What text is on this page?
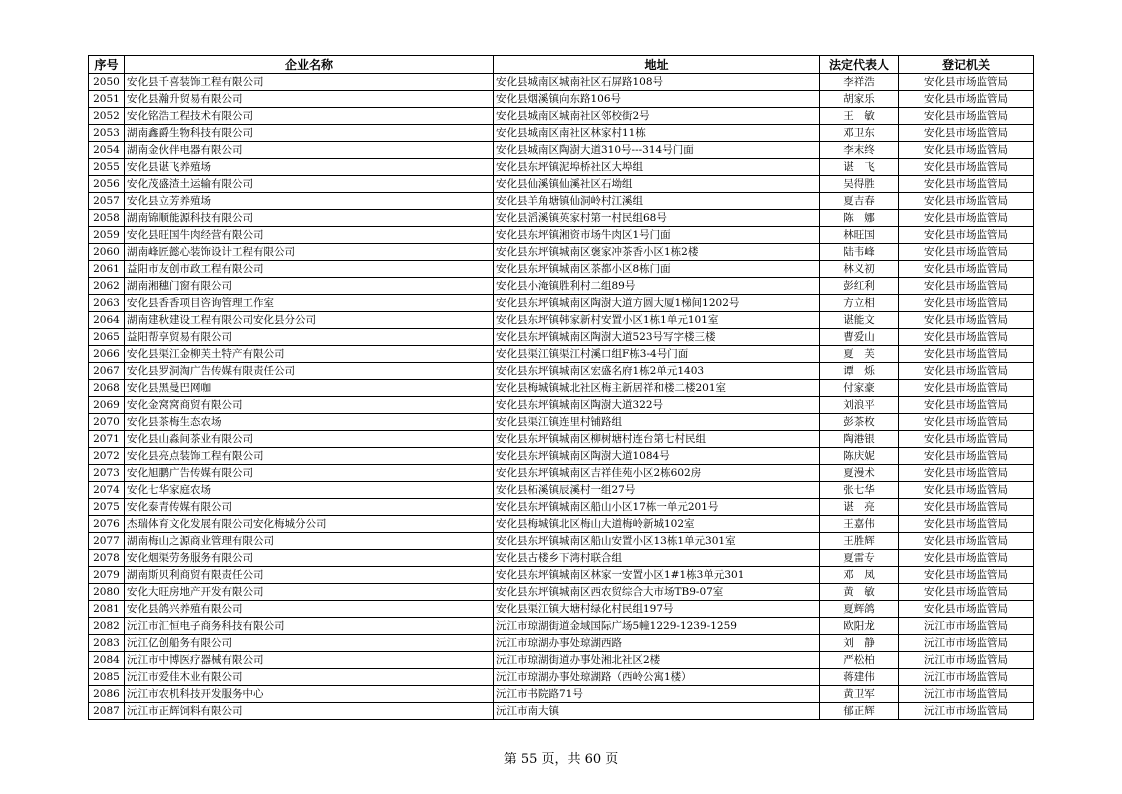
序号	企业名称	地址	法定代表人	登记机关
2050	安化县千喜装饰工程有限公司	安化县城南区城南社区石屏路108号	李祥浩	安化县市场监管局
2051	安化县瀚升贸易有限公司	安化县烟溪镇向东路106号	胡家乐	安化县市场监管局
2052	安化铭浩工程技术有限公司	安化县城南区城南社区邻校街2号	王　敏	安化县市场监管局
2053	湖南鑫爵生物科技有限公司	安化县城南区南社区林家村11栋	邓卫东	安化县市场监管局
2054	湖南金伙伴电器有限公司	安化县城南区陶澍大道310号---314号门面	李末终	安化县市场监管局
2055	安化县谌飞养殖场	安化县东坪镇泥埠桥社区大埠组	谌　飞	安化县市场监管局
2056	安化茂盛渣土运输有限公司	安化县仙溪镇仙溪社区石坳组	吴得胜	安化县市场监管局
2057	安化县立芳养殖场	安化县羊角塘镇仙洞岭村江溪组	夏吉春	安化县市场监管局
2058	湖南锦顺能源科技有限公司	安化县滔溪镇英家村第一村民组68号	陈　娜	安化县市场监管局
2059	安化县旺国牛肉经营有限公司	安化县东坪镇湘资市场牛肉区1号门面	林旺国	安化县市场监管局
2060	湖南峰匠懿心装饰设计工程有限公司	安化县东坪镇城南区褒家冲茶香小区1栋2楼	陆韦峰	安化县市场监管局
2061	益阳市友创市政工程有限公司	安化县东坪镇城南区茶都小区8栋门面	林义初	安化县市场监管局
2062	湖南湘穗门窗有限公司	安化县小淹镇胜利村二组89号	彭红利	安化县市场监管局
2063	安化县香香项目咨询管理工作室	安化县东坪镇城南区陶澍大道方圆大厦1梯间1202号	方立相	安化县市场监管局
2064	湖南建秋建设工程有限公司安化县分公司	安化县东坪镇韩家新村安置小区1栋1单元101室	谌能文	安化县市场监管局
2065	益阳帮享贸易有限公司	安化县东坪镇城南区陶澍大道523号写字楼三楼	曹爱山	安化县市场监管局
2066	安化县渠江金柳芙土特产有限公司	安化县渠江镇渠江村溪口组F栋3-4号门面	夏　芙	安化县市场监管局
2067	安化县罗洞淘广告传媒有限责任公司	安化县东坪镇城南区宏盛名府1栋2单元1403	谭　烁	安化县市场监管局
2068	安化县黑曼巴网咖	安化县梅城镇城北社区梅主新居祥和楼二楼201室	付家豪	安化县市场监管局
2069	安化金窝窝商贸有限公司	安化县东坪镇城南区陶澍大道322号	刘浪平	安化县市场监管局
2070	安化县茶梅生态农场	安化县渠江镇连里村铺路组	彭茶枚	安化县市场监管局
2071	安化县山淼间茶业有限公司	安化县东坪镇城南区柳树塘村连台第七村民组	陶港银	安化县市场监管局
2072	安化县亮点装饰工程有限公司	安化县东坪镇城南区陶澍大道1084号	陈庆妮	安化县市场监管局
2073	安化旭鹏广告传媒有限公司	安化县东坪镇城南区吉祥佳苑小区2栋602房	夏漫术	安化县市场监管局
2074	安化七华家庭农场	安化县柘溪镇辰溪村一组27号	张七华	安化县市场监管局
2075	安化泰青传媒有限公司	安化县东坪镇城南区船山小区17栋一单元201号	谌　亮	安化县市场监管局
2076	杰瑞体育文化发展有限公司安化梅城分公司	安化县梅城镇北区梅山大道梅岭新城102室	王嘉伟	安化县市场监管局
2077	湖南梅山之源商业管理有限公司	安化县东坪镇城南区船山安置小区13栋1单元301室	王胜辉	安化县市场监管局
2078	安化烟渠劳务服务有限公司	安化县古楼乡下湾村联合组	夏雷专	安化县市场监管局
2079	湖南斯贝利商贸有限责任公司	安化县东坪镇城南区林家一安置小区1#1栋3单元301	邓　凤	安化县市场监管局
2080	安化大旺房地产开发有限公司	安化县东坪镇城南区西农贸综合大市场TB9-07室	黄　敏	安化县市场监管局
2081	安化县鸽兴养殖有限公司	安化县渠江镇大塘村绿化村民组197号	夏辉鸽	安化县市场监管局
2082	沅江市汇恒电子商务科技有限公司	沅江市琼湖街道金域国际广场5幢1229-1239-1259	欧阳龙	沅江市市场监管局
2083	沅江亿创船务有限公司	沅江市琼湖办事处琼湖西路	刘　静	沅江市市场监管局
2084	沅江市中博医疗器械有限公司	沅江市琼湖街道办事处湘北社区2楼	严松柏	沅江市市场监管局
2085	沅江市爱佳木业有限公司	沅江市琼湖办事处琼湖路（西岭公寓1楼）	蒋建伟	沅江市市场监管局
2086	沅江市农机科技开发服务中心	沅江市书院路71号	黄卫军	沅江市市场监管局
2087	沅江市正辉饲料有限公司	沅江市南大镇	郁正辉	沅江市市场监管局
第 55 页，共 60 页
